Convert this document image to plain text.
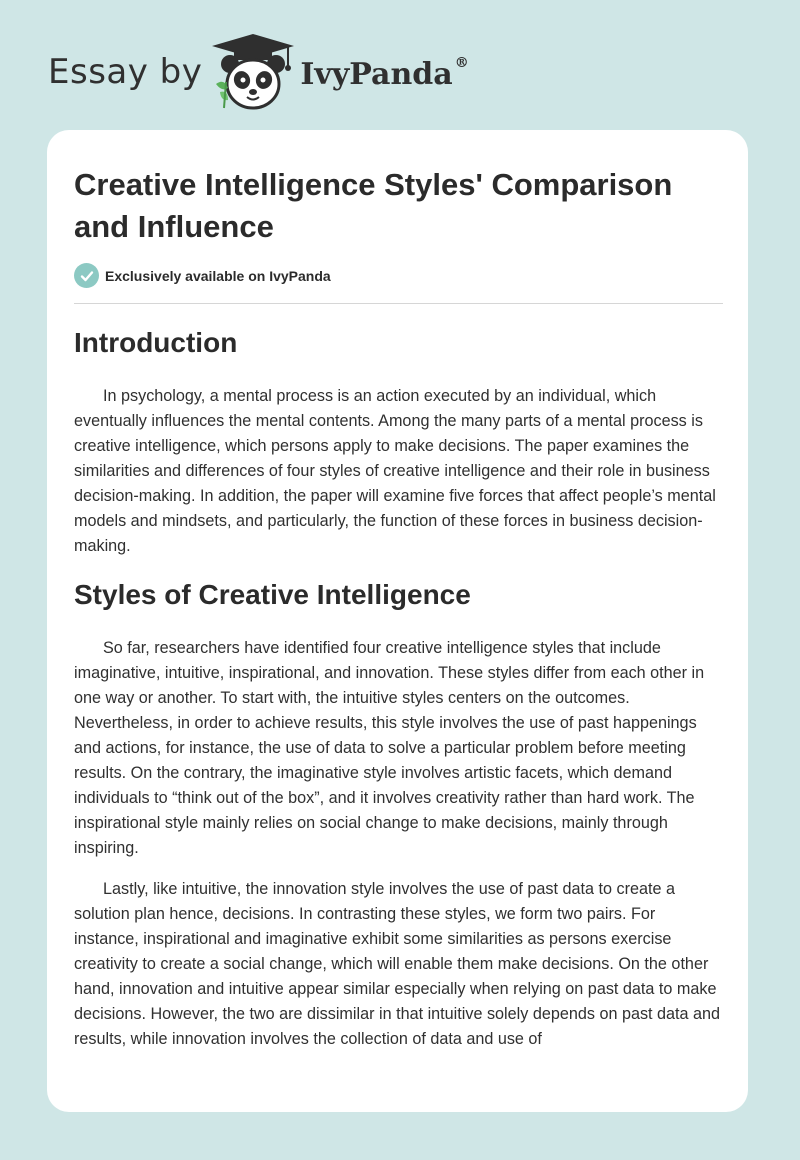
Essay by	IvyPanda ®
Creative Intelligence Styles' Comparison and Influence
Exclusively available on IvyPanda
Introduction

In psychology, a mental process is an action executed by an individual, which eventually influences the mental contents. Among the many parts of a mental process is creative intelligence, which persons apply to make decisions. The paper examines the similarities and differences of four styles of creative intelligence and their role in business decision-making. In addition, the paper will examine five forces that affect people’s mental models and mindsets, and particularly, the function of these forces in business decision-making.

Styles of Creative Intelligence

So far, researchers have identified four creative intelligence styles that include imaginative, intuitive, inspirational, and innovation. These styles differ from each other in one way or another. To start with, the intuitive styles centers on the outcomes. Nevertheless, in order to achieve results, this style involves the use of past happenings and actions, for instance, the use of data to solve a particular problem before meeting results. On the contrary, the imaginative style involves artistic facets, which demand individuals to “think out of the box”, and it involves creativity rather than hard work. The inspirational style mainly relies on social change to make decisions, mainly through inspiring.

Lastly, like intuitive, the innovation style involves the use of past data to create a solution plan hence, decisions. In contrasting these styles, we form two pairs. For instance, inspirational and imaginative exhibit some similarities as persons exercise creativity to create a social change, which will enable them make decisions. On the other hand, innovation and intuitive appear similar especially when relying on past data to make decisions. However, the two are dissimilar in that intuitive solely depends on past data and results, while innovation involves the collection of data and use of
